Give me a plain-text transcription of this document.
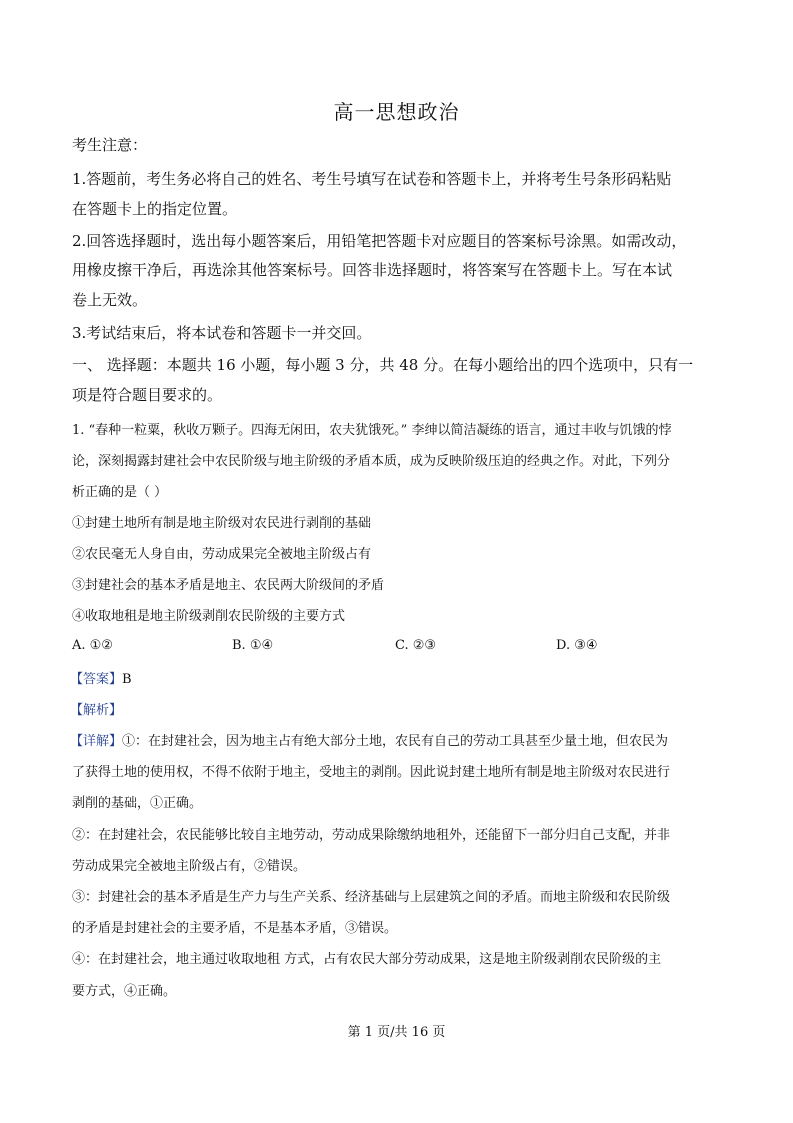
高一思想政治
考生注意：
1.答题前，考生务必将自己的姓名、考生号填写在试卷和答题卡上，并将考生号条形码粘贴
在答题卡上的指定位置。
2.回答选择题时，选出每小题答案后，用铅笔把答题卡对应题目的答案标号涂黑。如需改动，
用橡皮擦干净后，再选涂其他答案标号。回答非选择题时，将答案写在答题卡上。写在本试
卷上无效。
3.考试结束后，将本试卷和答题卡一并交回。
一、 选择题：本题共 16 小题，每小题 3 分，共 48 分。在每小题给出的四个选项中，只有一
项是符合题目要求的。
1. “春种一粒粟，秋收万颗子。四海无闲田，农夫犹饿死。” 李绅以简洁凝练的语言，通过丰收与饥饿的悖
论，深刻揭露封建社会中农民阶级与地主阶级的矛盾本质，成为反映阶级压迫的经典之作。对此，下列分
析正确的是（ ）
①封建土地所有制是地主阶级对农民进行剥削的基础
②农民毫无人身自由，劳动成果完全被地主阶级占有
③封建社会的基本矛盾是地主、农民两大阶级间的矛盾
④收取地租是地主阶级剥削农民阶级的主要方式
A. ①②	B. ①④	C. ②③	D. ③④
【答案】B
【解析】
【详解】①：在封建社会，因为地主占有绝大部分土地，农民有自己的劳动工具甚至少量土地，但农民为
了获得土地的使用权，不得不依附于地主，受地主的剥削。因此说封建土地所有制是地主阶级对农民进行
剥削的基础，①正确。
②：在封建社会，农民能够比较自主地劳动，劳动成果除缴纳地租外，还能留下一部分归自己支配，并非
劳动成果完全被地主阶级占有，②错误。
③：封建社会的基本矛盾是生产力与生产关系、经济基础与上层建筑之间的矛盾。而地主阶级和农民阶级
的矛盾是封建社会的主要矛盾，不是基本矛盾，③错误。
④：在封建社会，地主通过收取地租 方式，占有农民大部分劳动成果，这是地主阶级剥削农民阶级的主
要方式，④正确。
第 1 页/共 16 页
